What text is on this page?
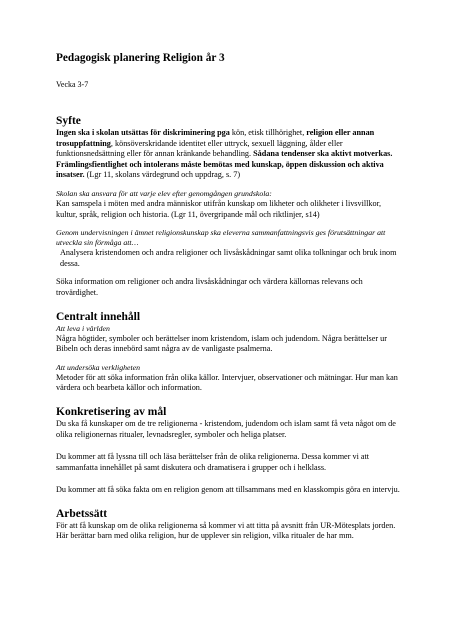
Pedagogisk planering Religion år 3
Vecka 3-7
Syfte

Ingen ska i skolan utsättas för diskriminering pga kön, etisk tillhörighet, religion eller annan trosuppfattning, könsöverskridande identitet eller uttryck, sexuell läggning, ålder eller funktionsnedsättning eller för annan kränkande behandling. Sådana tendenser ska aktivt motverkas. Främlingsfientlighet och intolerans måste bemötas med kunskap, öppen diskussion och aktiva insatser. (Lgr 11, skolans värdegrund och uppdrag, s. 7)

Skolan ska ansvara för att varje elev efter genomgången grundskola:

Kan samspela i möten med andra människor utifrån kunskap om likheter och olikheter i livsvillkor, kultur, språk, religion och historia. (Lgr 11, övergripande mål och riktlinjer, s14)

Genom undervisningen i ämnet religionskunskap ska eleverna sammanfattningsvis ges förutsättningar att utveckla sin förmåga att…

Analysera kristendomen och andra religioner och livsåskådningar samt olika tolkningar och bruk inom dessa.

Söka information om religioner och andra livsåskådningar och värdera källornas relevans och trovärdighet.

Centralt innehåll

Att leva i världen

Några högtider, symboler och berättelser inom kristendom, islam och judendom. Några berättelser ur Bibeln och deras innebörd samt några av de vanligaste psalmerna.

Att undersöka verkligheten

Metoder för att söka information från olika källor. Intervjuer, observationer och mätningar. Hur man kan värdera och bearbeta källor och information.

Konkretisering av mål

Du ska få kunskaper om de tre religionerna - kristendom, judendom och islam samt få veta något om de olika religionernas ritualer, levnadsregler, symboler och heliga platser.

Du kommer att få lyssna till och läsa berättelser från de olika religionerna. Dessa kommer vi att sammanfatta innehållet på samt diskutera och dramatisera i grupper och i helklass.

Du kommer att få söka fakta om en religion genom att tillsammans med en klasskompis göra en intervju.

Arbetssätt

För att få kunskap om de olika religionerna så kommer vi att titta på avsnitt från UR-Mötesplats jorden. Här berättar barn med olika religion, hur de upplever sin religion, vilka ritualer de har mm.
